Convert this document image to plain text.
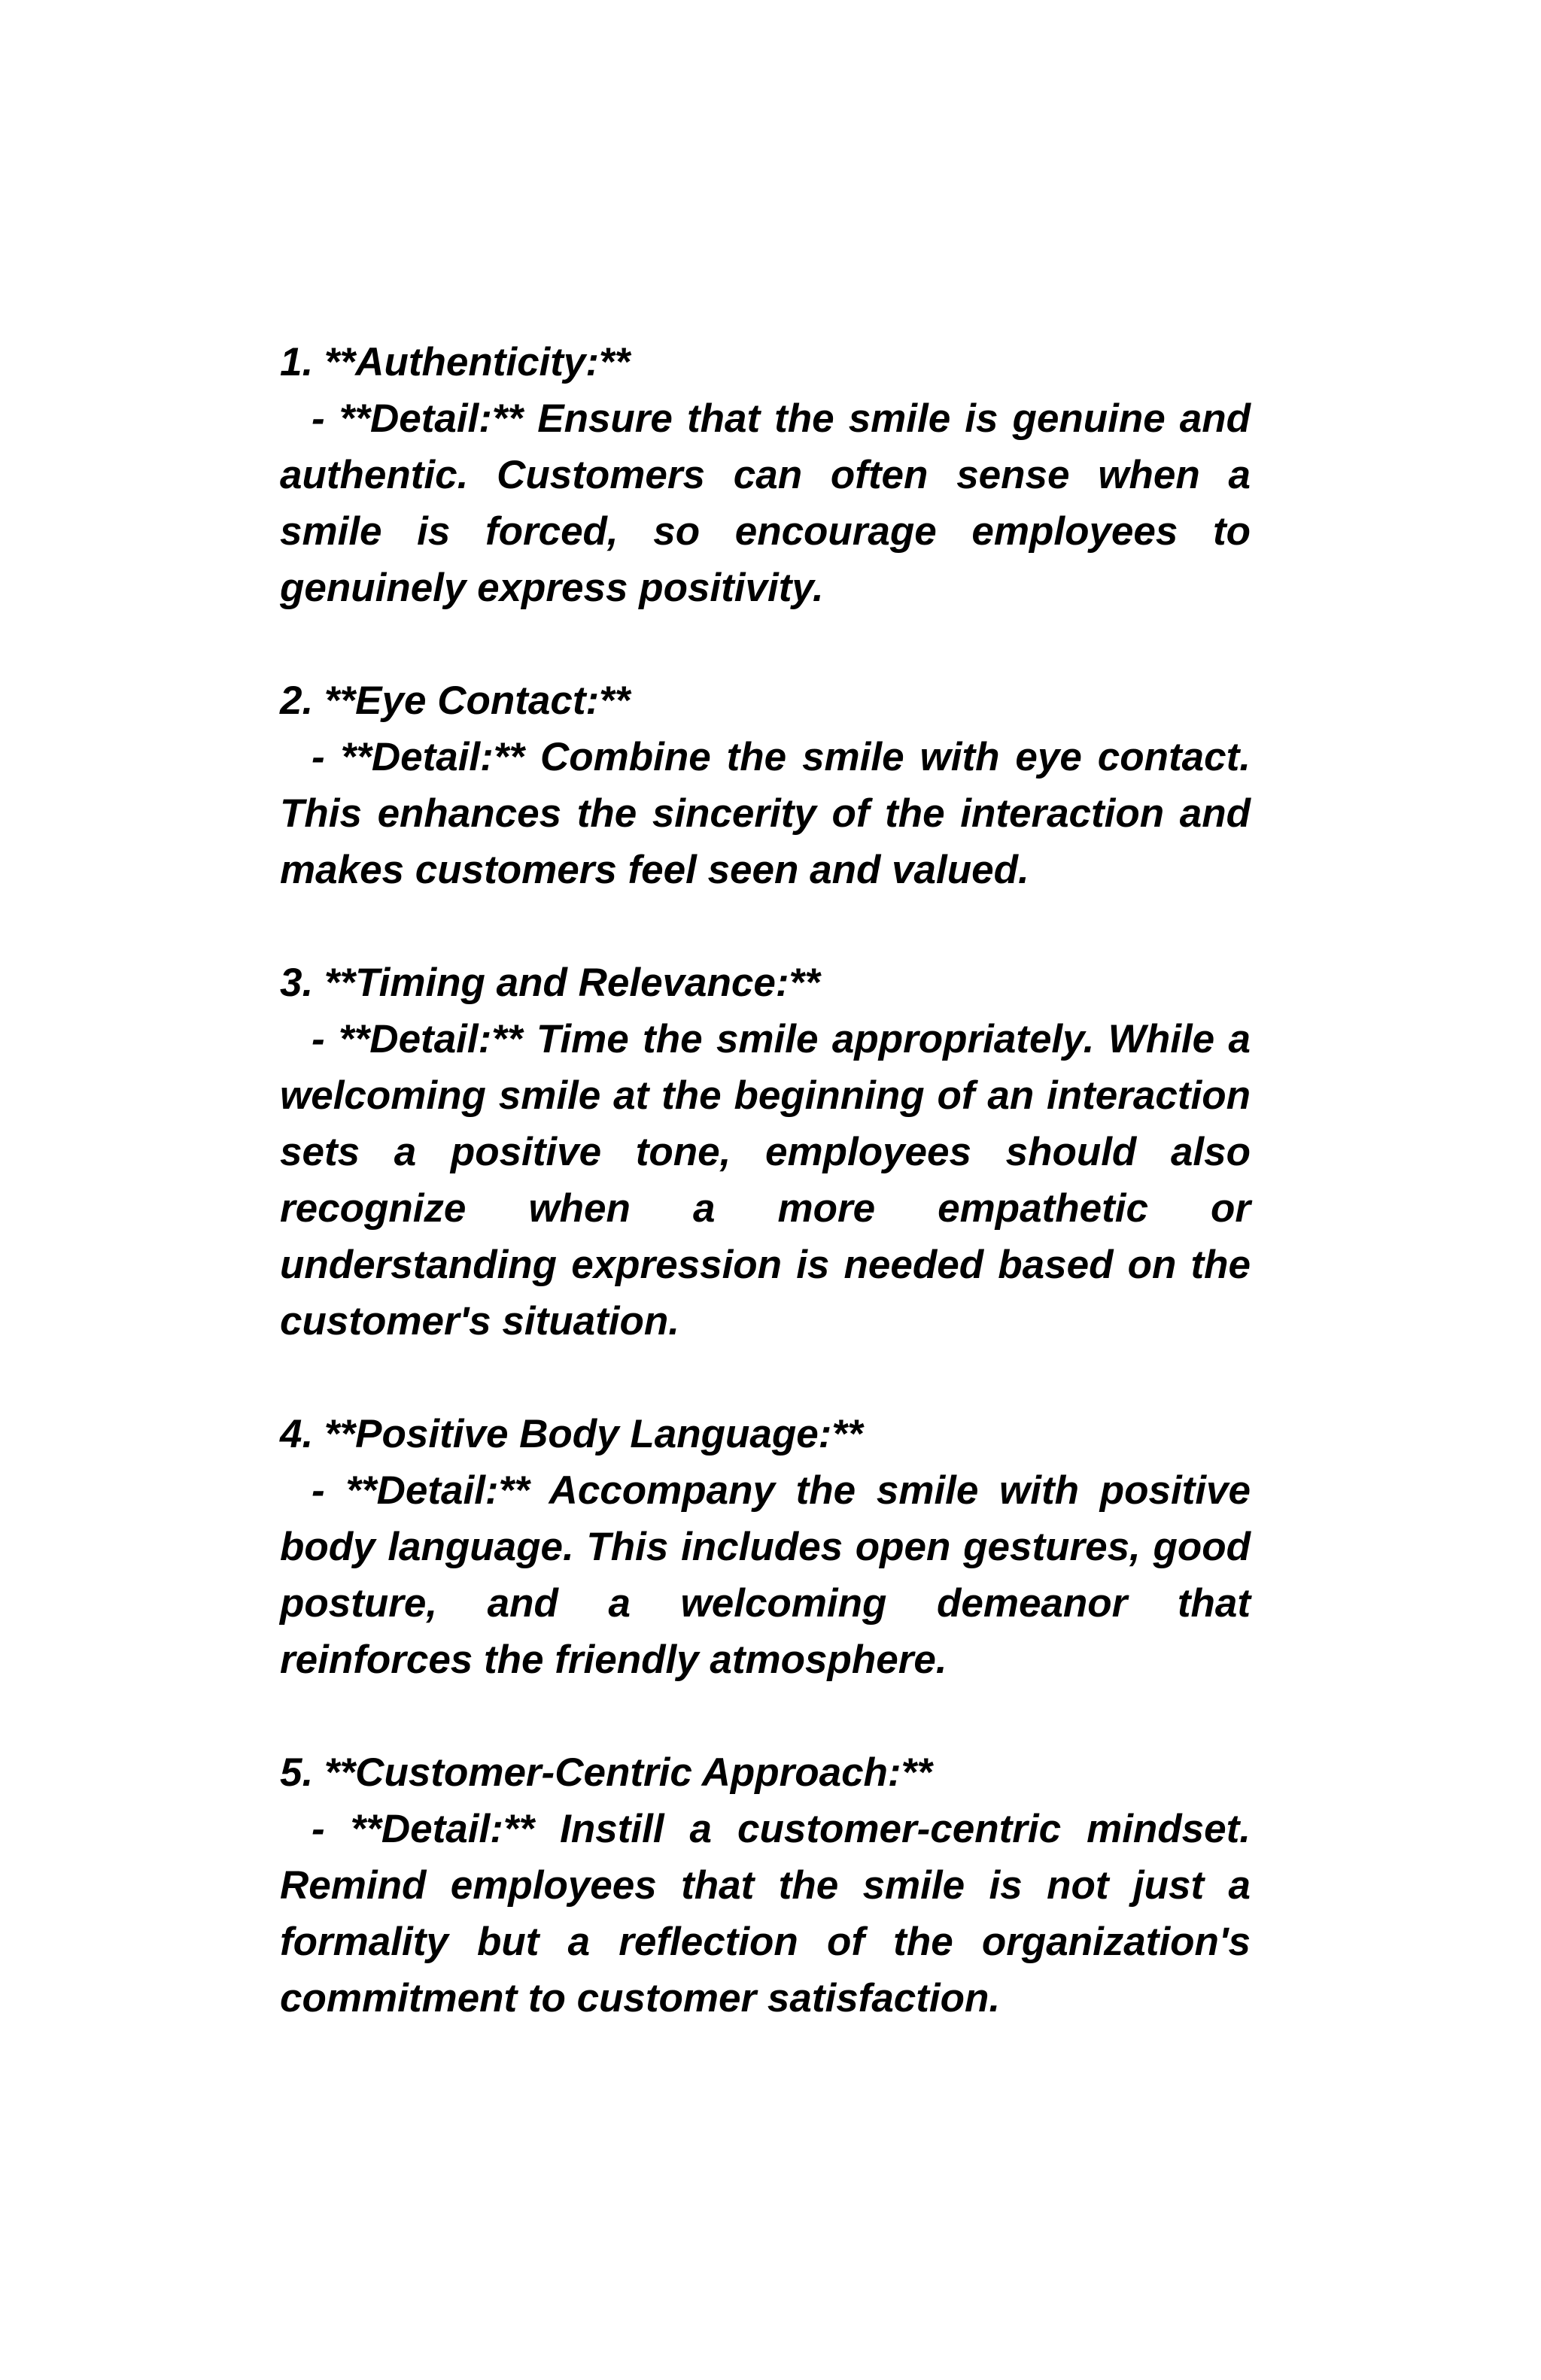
1. **Authenticity:**
- **Detail:** Ensure that the smile is genuine and authentic. Customers can often sense when a smile is forced, so encourage employees to genuinely express positivity.
2. **Eye Contact:**
- **Detail:** Combine the smile with eye contact. This enhances the sincerity of the interaction and makes customers feel seen and valued.
3. **Timing and Relevance:**
- **Detail:** Time the smile appropriately. While a welcoming smile at the beginning of an interaction sets a positive tone, employees should also recognize when a more empathetic or understanding expression is needed based on the customer's situation.
4. **Positive Body Language:**
- **Detail:** Accompany the smile with positive body language. This includes open gestures, good posture, and a welcoming demeanor that reinforces the friendly atmosphere.
5. **Customer-Centric Approach:**
- **Detail:** Instill a customer-centric mindset. Remind employees that the smile is not just a formality but a reflection of the organization's commitment to customer satisfaction.
